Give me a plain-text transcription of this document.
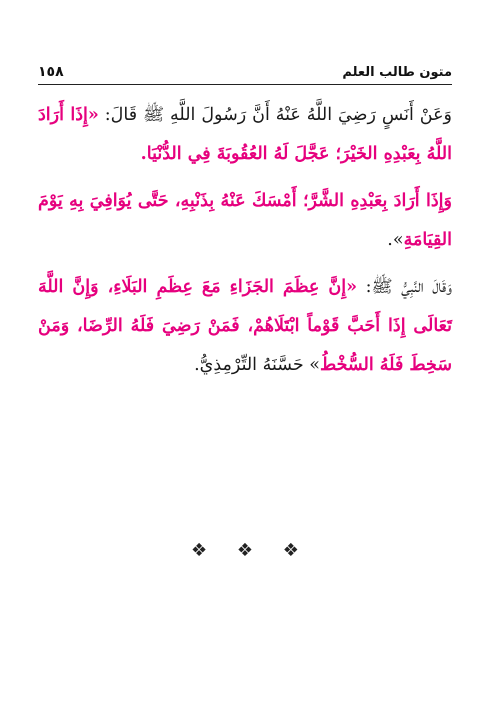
متون طالب العلم
١٥٨

وَعَنْ أَنَسٍ رَضِيَ اللَّهُ عَنْهُ أَنَّ رَسُولَ اللَّهِ ﷺ قَالَ: «إِذَا أَرَادَ اللَّهُ بِعَبْدِهِ الخَيْرَ؛ عَجَّلَ لَهُ العُقُوبَةَ فِي الدُّنْيَا.

وَإِذَا أَرَادَ بِعَبْدِهِ الشَّرَّ؛ أَمْسَكَ عَنْهُ بِذَنْبِهِ، حَتَّى يُوَافِيَ بِهِ يَوْمَ القِيَامَةِ».

وَقَالَ النَّبِيُّ ﷺ: «إِنَّ عِظَمَ الجَزَاءِ مَعَ عِظَمِ البَلَاءِ، وَإِنَّ اللَّهَ تَعَالَى إِذَا أَحَبَّ قَوْماً ابْتَلَاهُمْ، فَمَنْ رَضِيَ فَلَهُ الرِّضَا، وَمَنْ سَخِطَ فَلَهُ السُّخْطُ» حَسَّنَهُ التِّرْمِذِيُّ.

❖ ❖ ❖
